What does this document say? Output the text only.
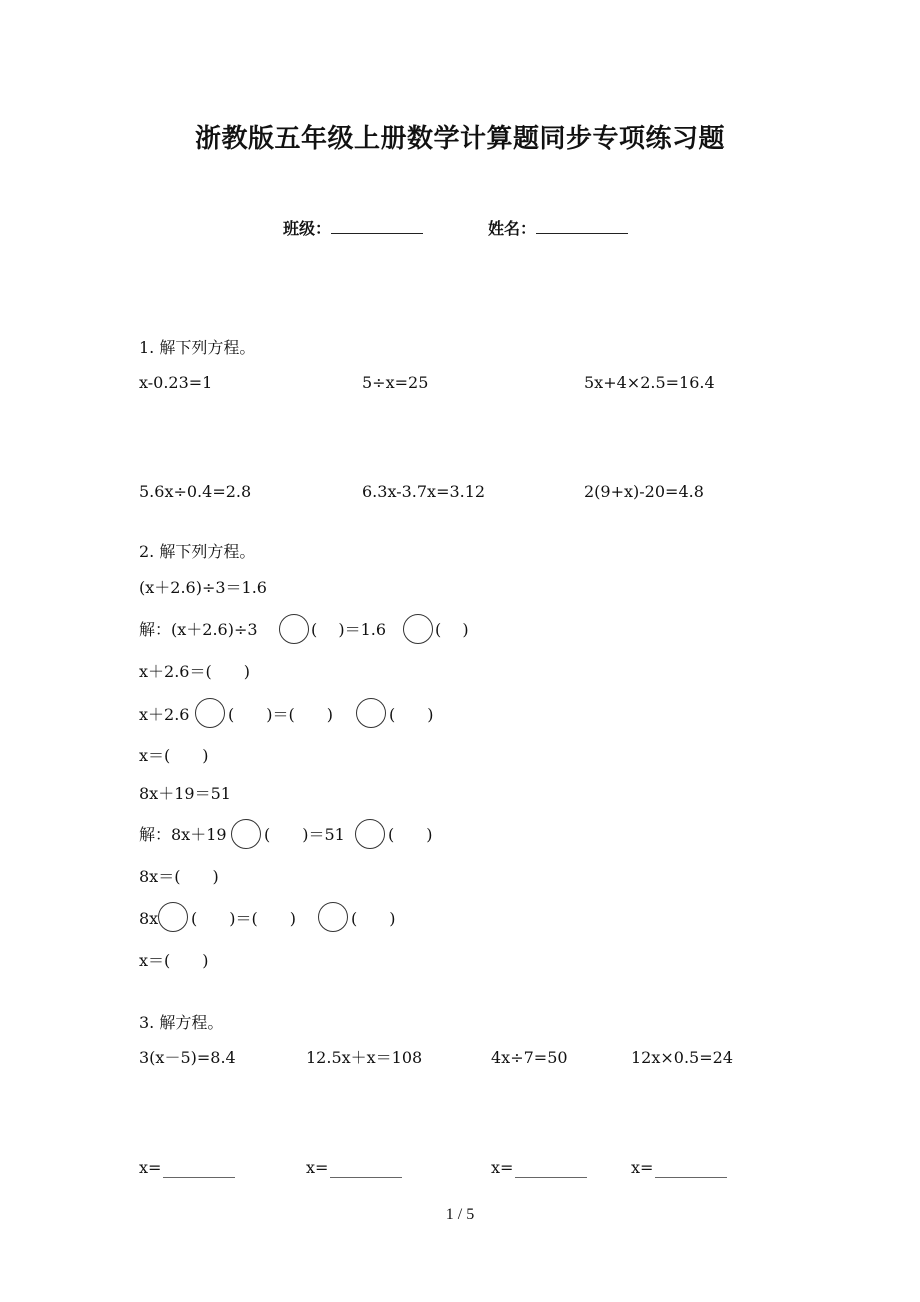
浙教版五年级上册数学计算题同步专项练习题
班级：	姓名：
1. 解下列方程。
x-0.23=1	5÷x=25	5x+4×2.5=16.4
5.6x÷0.4=2.8	6.3x-3.7x=3.12	2(9+x)-20=4.8
2. 解下列方程。
(x＋2.6)÷3＝1.6
解：(x＋2.6)÷3	(　 )＝1.6	(　 )
x＋2.6＝(　　)
x＋2.6 (　　)＝(　　)	(　　)
x＝(　　)
8x＋19＝51
解：8x＋19 (　　)＝51	(　　)
8x＝(　　)
8x (　　)＝(　　)	(　　)
x＝(　　)
3. 解方程。
3(x－5)=8.4	12.5x＋x＝108	4x÷7=50	12x×0.5=24
x=	x=	x=	x=
1 / 5
